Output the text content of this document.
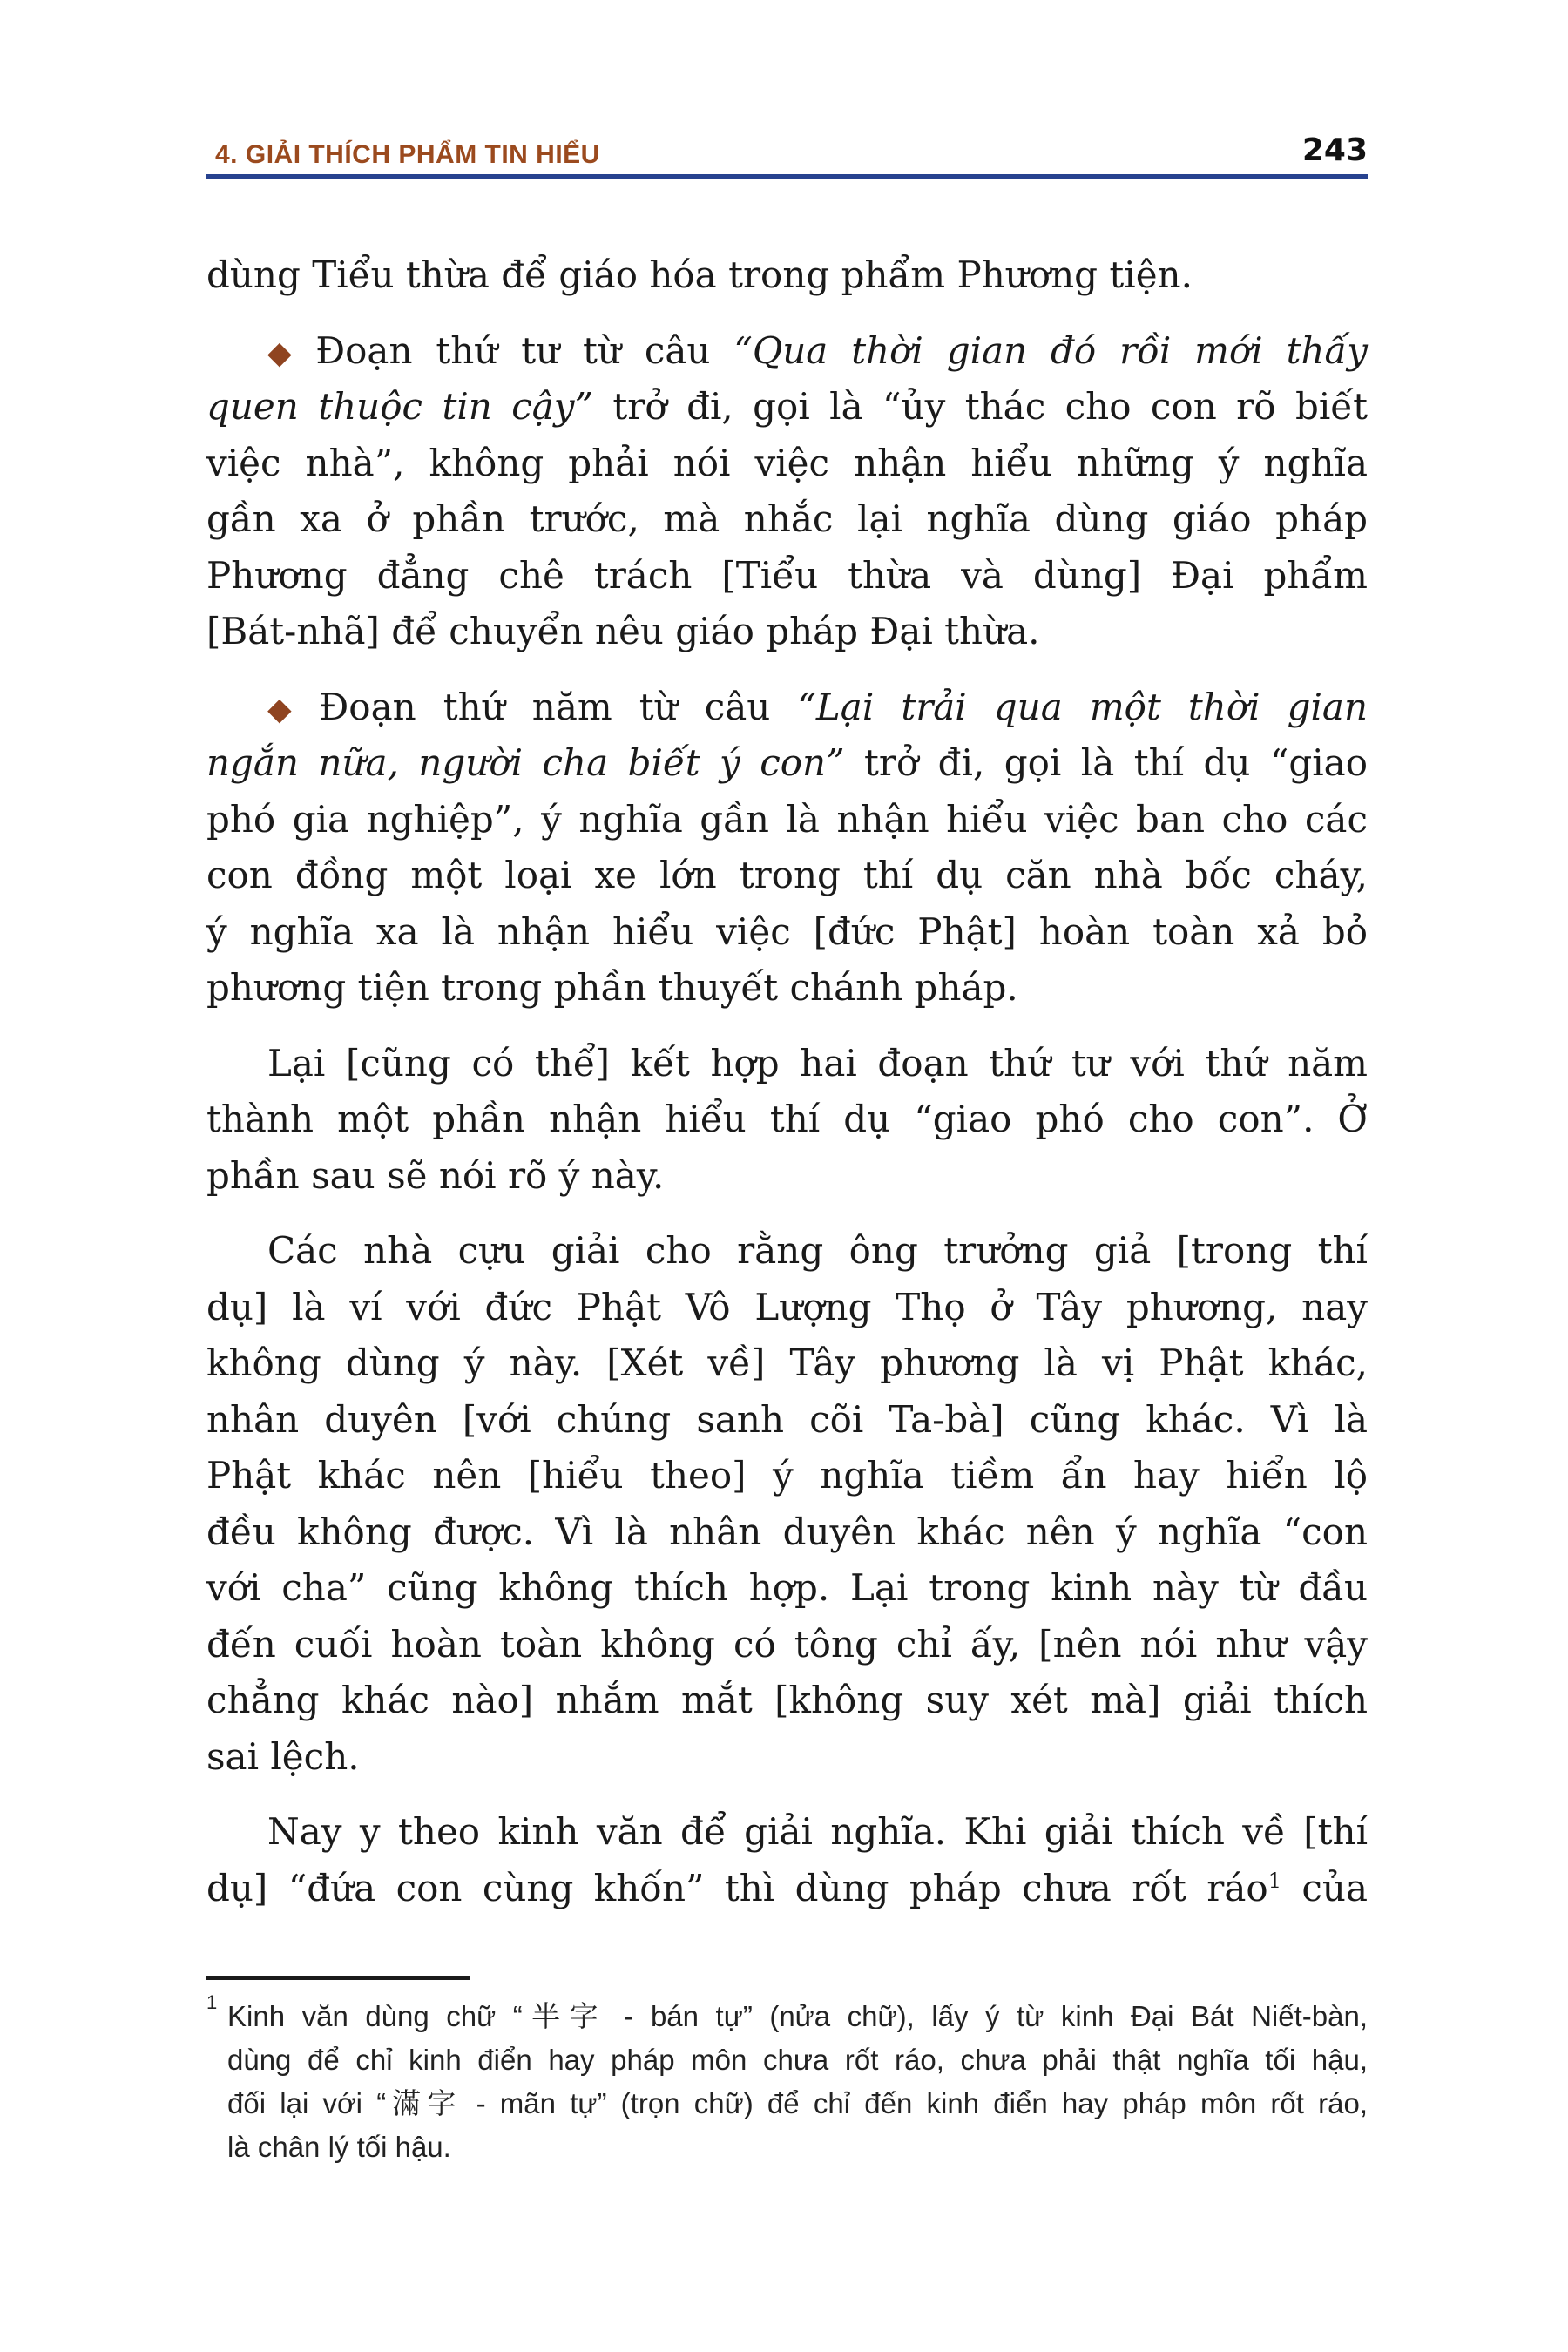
4. GIẢI THÍCH PHẨM TIN HIỂU	243
dùng Tiểu thừa để giáo hóa trong phẩm Phương tiện.
◆ Đoạn thứ tư từ câu “Qua thời gian đó rồi mới thấy
quen thuộc tin cậy” trở đi, gọi là “ủy thác cho con rõ biết
việc nhà”, không phải nói việc nhận hiểu những ý nghĩa
gần xa ở phần trước, mà nhắc lại nghĩa dùng giáo pháp
Phương đẳng chê trách [Tiểu thừa và dùng] Đại phẩm
[Bát-nhã] để chuyển nêu giáo pháp Đại thừa.
◆ Đoạn thứ năm từ câu “Lại trải qua một thời gian
ngắn nữa, người cha biết ý con” trở đi, gọi là thí dụ “giao
phó gia nghiệp”, ý nghĩa gần là nhận hiểu việc ban cho các
con đồng một loại xe lớn trong thí dụ căn nhà bốc cháy,
ý nghĩa xa là nhận hiểu việc [đức Phật] hoàn toàn xả bỏ
phương tiện trong phần thuyết chánh pháp.
Lại [cũng có thể] kết hợp hai đoạn thứ tư với thứ năm
thành một phần nhận hiểu thí dụ “giao phó cho con”. Ở
phần sau sẽ nói rõ ý này.
Các nhà cựu giải cho rằng ông trưởng giả [trong thí
dụ] là ví với đức Phật Vô Lượng Thọ ở Tây phương, nay
không dùng ý này. [Xét về] Tây phương là vị Phật khác,
nhân duyên [với chúng sanh cõi Ta-bà] cũng khác. Vì là
Phật khác nên [hiểu theo] ý nghĩa tiềm ẩn hay hiển lộ
đều không được. Vì là nhân duyên khác nên ý nghĩa “con
với cha” cũng không thích hợp. Lại trong kinh này từ đầu
đến cuối hoàn toàn không có tông chỉ ấy, [nên nói như vậy
chẳng khác nào] nhắm mắt [không suy xét mà] giải thích
sai lệch.
Nay y theo kinh văn để giải nghĩa. Khi giải thích về [thí
dụ] “đứa con cùng khốn” thì dùng pháp chưa rốt ráo$^1$ của
1 Kinh văn dùng chữ “半字 - bán tự” (nửa chữ), lấy ý từ kinh Đại Bát Niết-bàn,
dùng để chỉ kinh điển hay pháp môn chưa rốt ráo, chưa phải thật nghĩa tối hậu,
đối lại với “滿字 - mãn tự” (trọn chữ) để chỉ đến kinh điển hay pháp môn rốt ráo,
là chân lý tối hậu.
